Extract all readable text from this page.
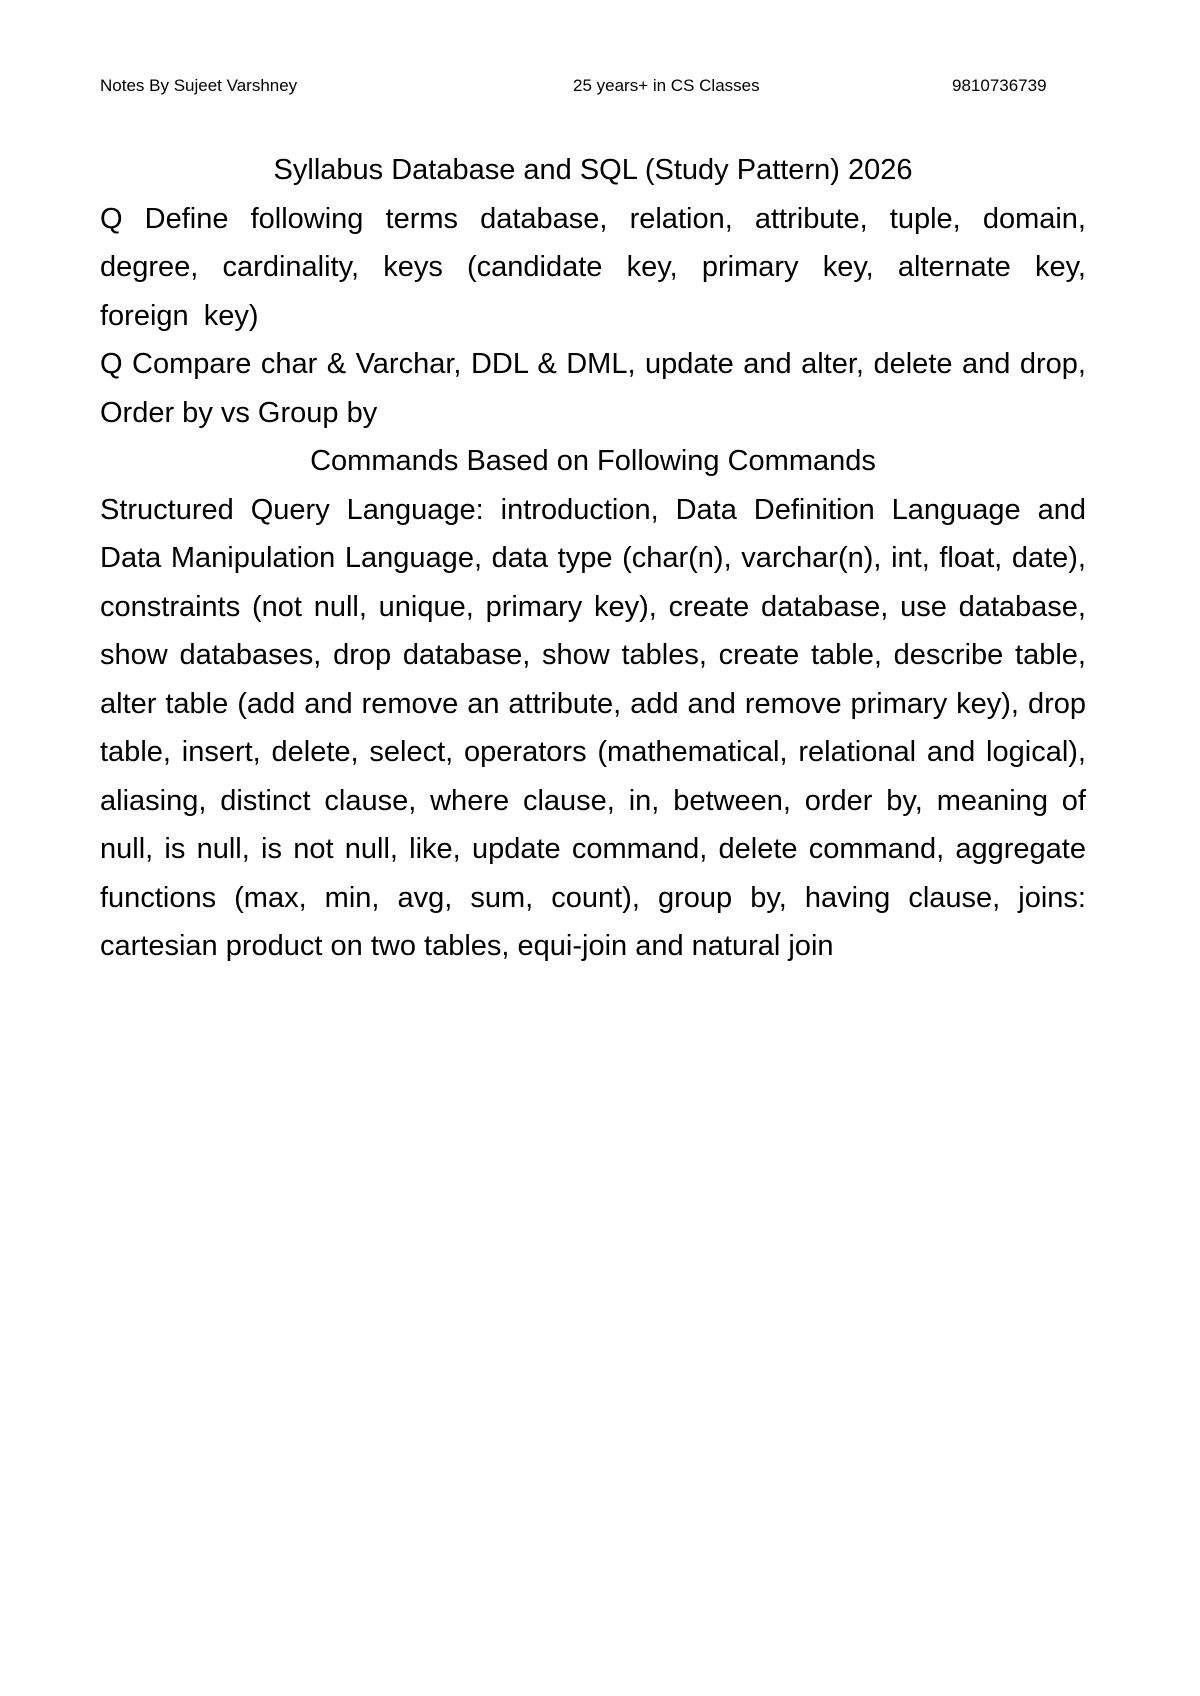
Notes By Sujeet Varshney	25 years+ in CS Classes	9810736739
Syllabus Database and SQL (Study Pattern) 2026

Q Define following terms database, relation, attribute, tuple, domain, degree, cardinality, keys (candidate key, primary key, alternate key, foreign key)

Q Compare char & Varchar, DDL & DML, update and alter, delete and drop, Order by vs Group by

Commands Based on Following Commands

Structured Query Language: introduction, Data Definition Language and Data Manipulation Language, data type (char(n), varchar(n), int, float, date), constraints (not null, unique, primary key), create database, use database, show databases, drop database, show tables, create table, describe table, alter table (add and remove an attribute, add and remove primary key), drop table, insert, delete, select, operators (mathematical, relational and logical), aliasing, distinct clause, where clause, in, between, order by, meaning of null, is null, is not null, like, update command, delete command, aggregate functions (max, min, avg, sum, count), group by, having clause, joins: cartesian product on two tables, equi-join and natural join
